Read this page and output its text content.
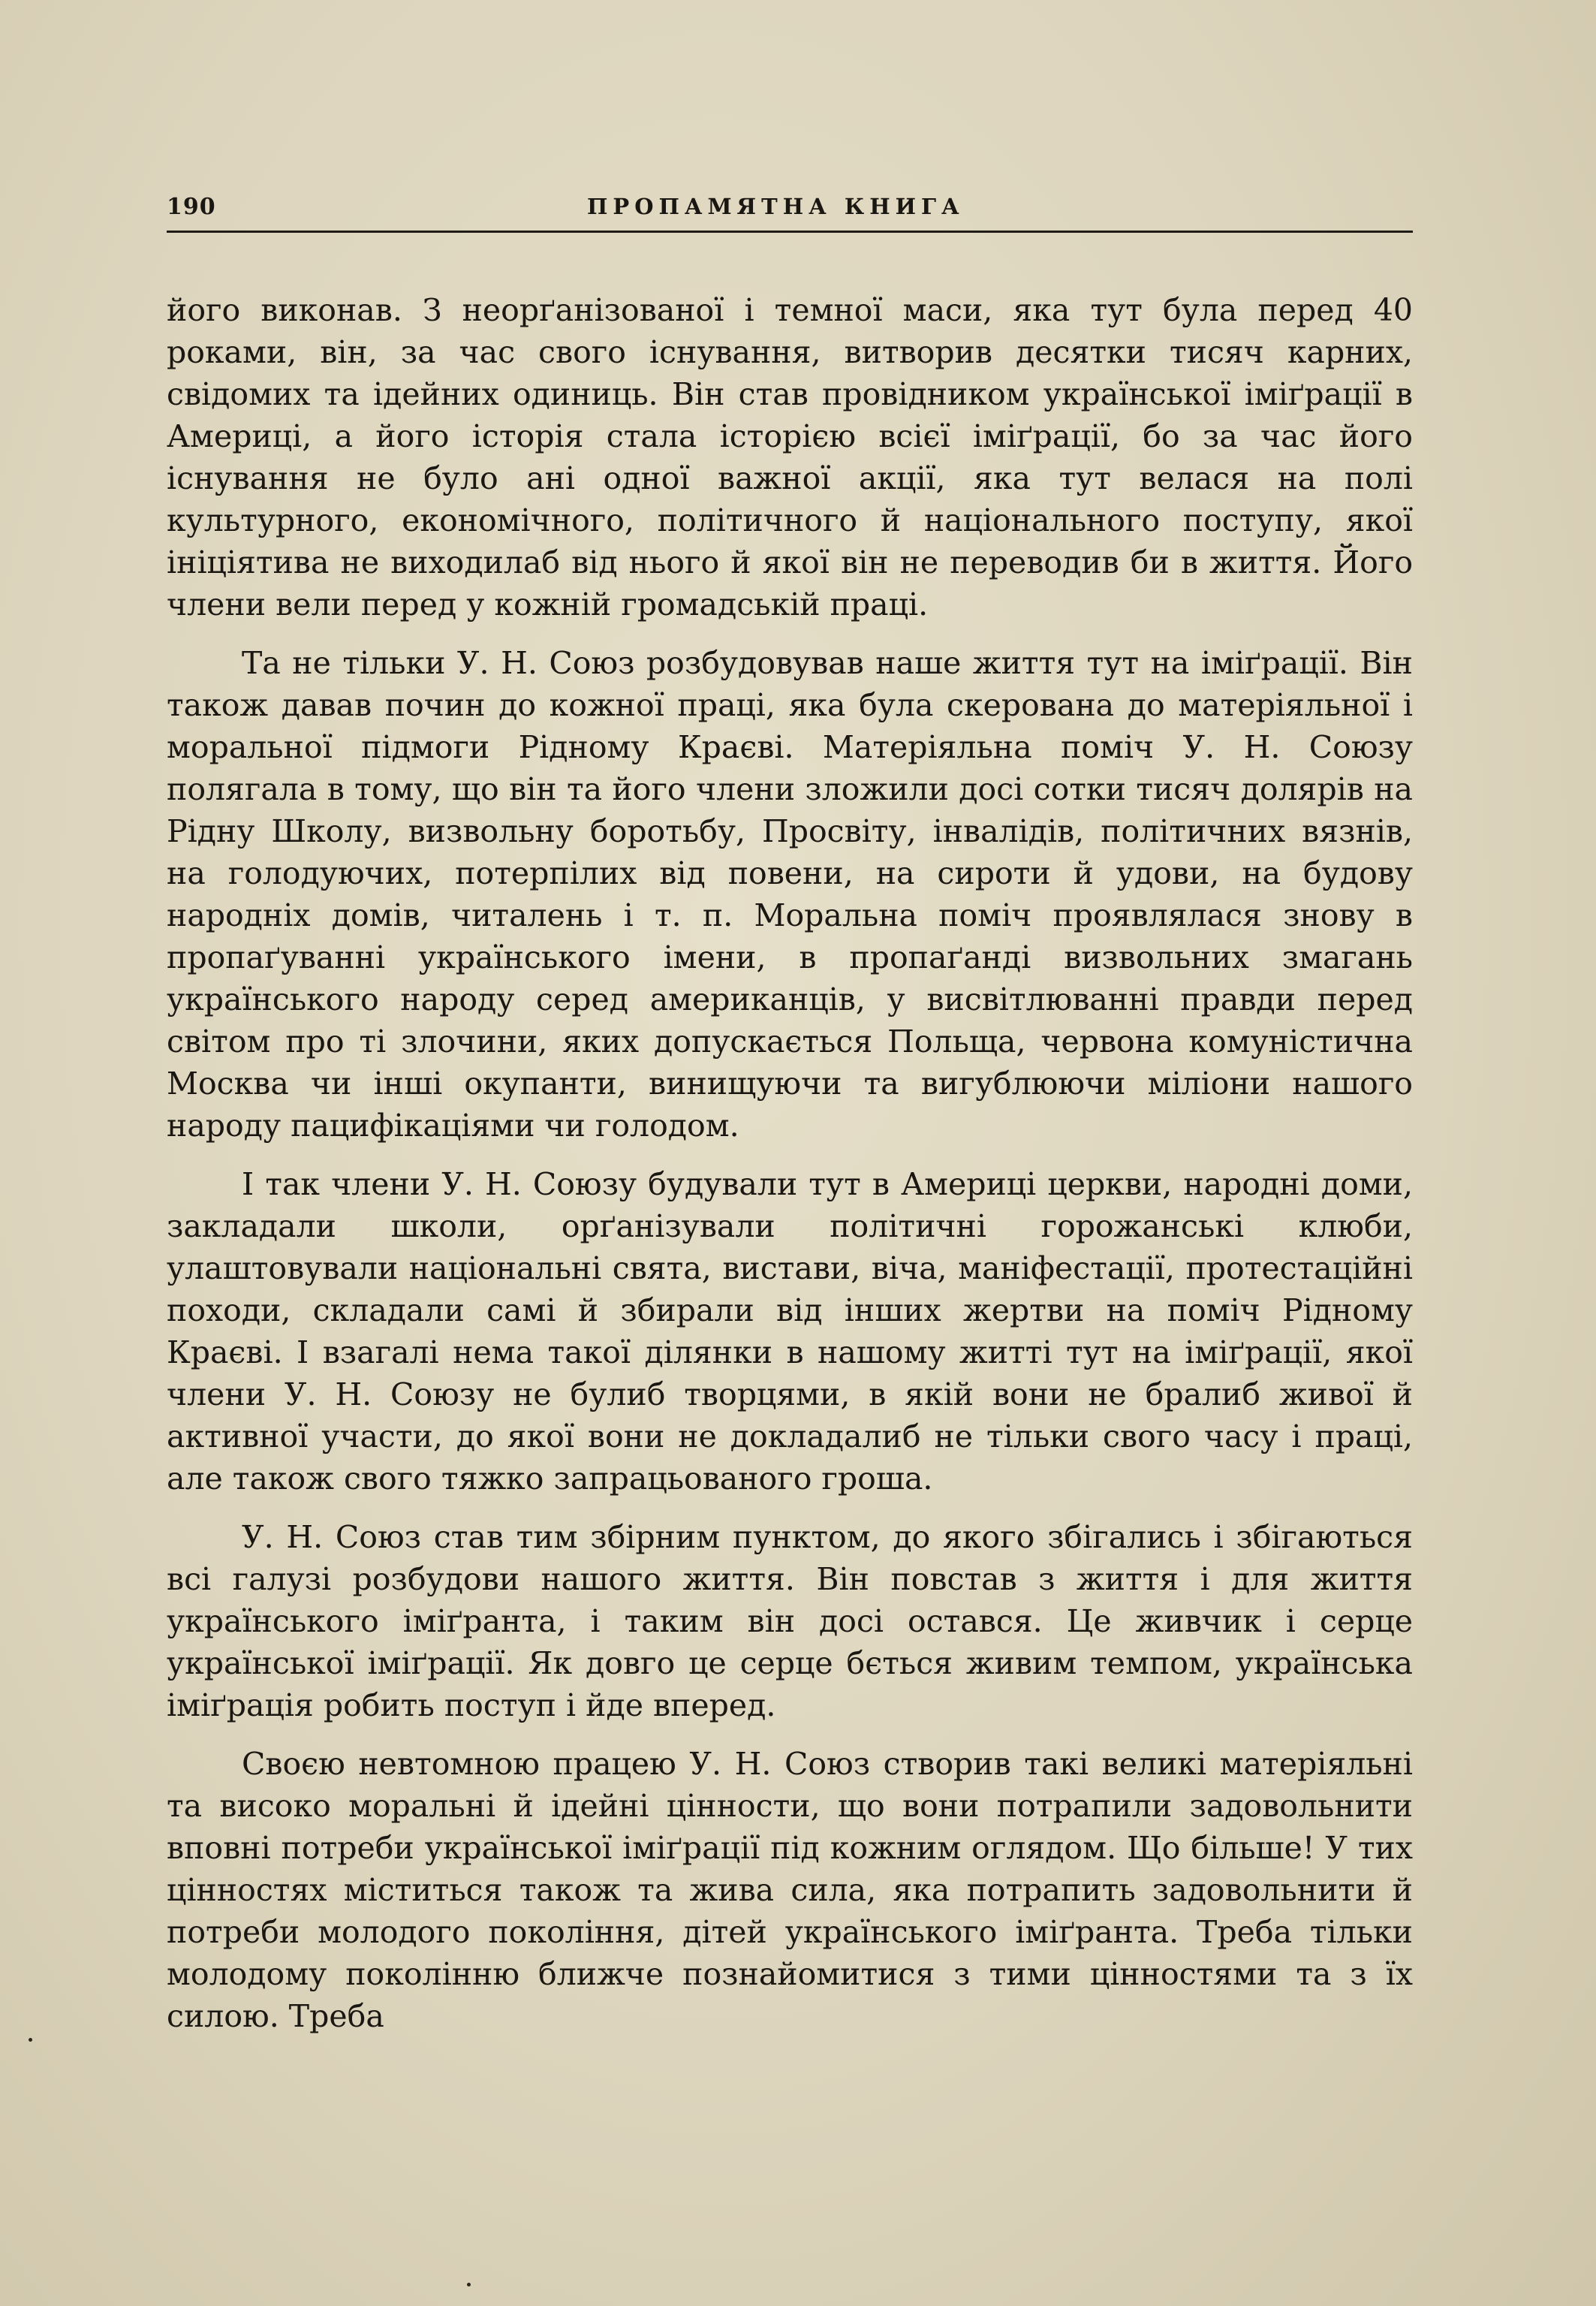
190	ПРОПАМЯТНА КНИГА

його виконав. З неорґанізованої і темної маси, яка тут була перед 40 роками, він, за час свого існування, витворив десятки тисяч карних, свідомих та ідейних одиниць. Він став провідником української іміґрації в Америці, а його історія стала історією всієї іміґрації, бо за час його існування не було ані одної важної акції, яка тут велася на полі культурного, економічного, політичного й національного поступу, якої ініціятива не виходилаб від нього й якої він не переводив би в життя. Його члени вели перед у кожній громадській праці.

Та не тільки У. Н. Союз розбудовував наше життя тут на іміґрації. Він також давав почин до кожної праці, яка була скерована до матеріяльної і моральної підмоги Рідному Краєві. Матеріяльна поміч У. Н. Союзу полягала в тому, що він та його члени зложили досі сотки тисяч долярів на Рідну Школу, визвольну боротьбу, Просвіту, інвалідів, політичних вязнів, на голодуючих, потерпілих від повени, на сироти й удови, на будову народніх домів, читалень і т. п. Моральна поміч проявлялася знову в пропаґуванні українського імени, в пропаґанді визвольних змагань українського народу серед американців, у висвітлюванні правди перед світом про ті злочини, яких допускається Польща, червона комуністична Москва чи інші окупанти, винищуючи та вигублюючи міліони нашого народу пацифікаціями чи голодом.

І так члени У. Н. Союзу будували тут в Америці церкви, народні доми, закладали школи, орґанізували політичні горожанські клюби, улаштовували національні свята, вистави, віча, маніфестації, протестаційні походи, складали самі й збирали від інших жертви на поміч Рідному Краєві. І взагалі нема такої ділянки в нашому житті тут на іміґрації, якої члени У. Н. Союзу не булиб творцями, в якій вони не бралиб живої й активної участи, до якої вони не докладалиб не тільки свого часу і праці, але також свого тяжко запрацьованого гроша.

У. Н. Союз став тим збірним пунктом, до якого збігались і збігаються всі галузі розбудови нашого життя. Він повстав з життя і для життя українського іміґранта, і таким він досі остався. Це живчик і серце української іміґрації. Як довго це серце бється живим темпом, українська іміґрація робить поступ і йде вперед.

Своєю невтомною працею У. Н. Союз створив такі великі матеріяльні та високо моральні й ідейні цінности, що вони потрапили задовольнити вповні потреби української іміґрації під кожним оглядом. Що більше! У тих цінностях міститься також та жива сила, яка потрапить задовольнити й потреби молодого покоління, дітей українського іміґранта. Треба тільки молодому поколінню ближче познайомитися з тими цінностями та з їх силою. Треба
